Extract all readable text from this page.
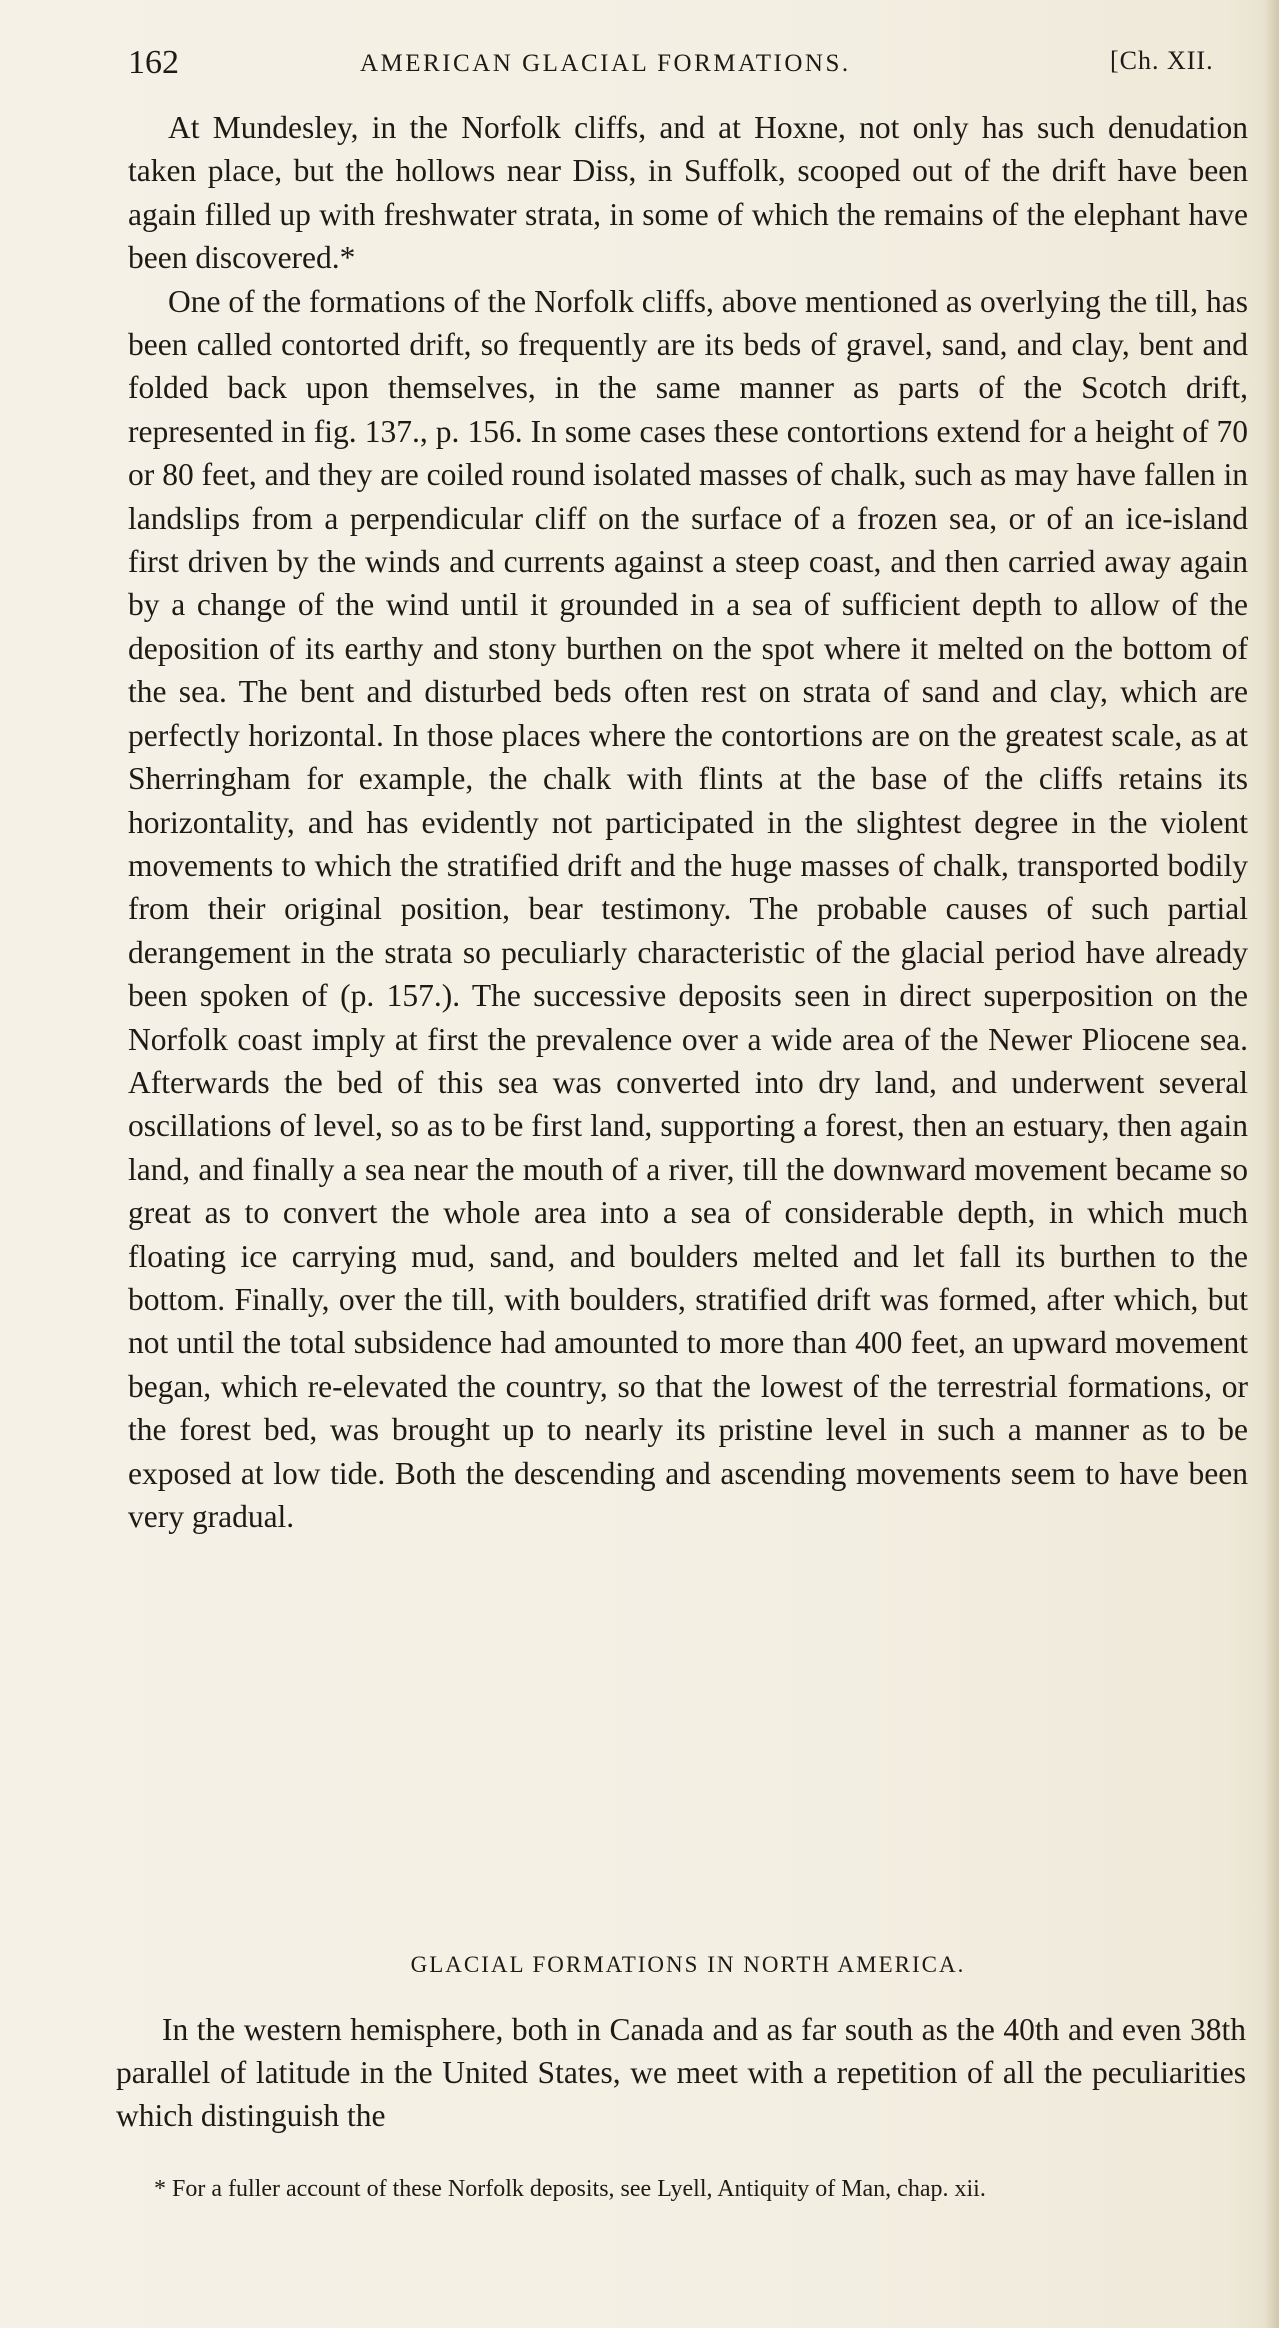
162	AMERICAN GLACIAL FORMATIONS.	[Ch. XII.

At Mundesley, in the Norfolk cliffs, and at Hoxne, not only has such denudation taken place, but the hollows near Diss, in Suffolk, scooped out of the drift have been again filled up with freshwater strata, in some of which the remains of the elephant have been discovered.*

One of the formations of the Norfolk cliffs, above mentioned as overlying the till, has been called contorted drift, so frequently are its beds of gravel, sand, and clay, bent and folded back upon themselves, in the same manner as parts of the Scotch drift, represented in fig. 137., p. 156. In some cases these contortions extend for a height of 70 or 80 feet, and they are coiled round isolated masses of chalk, such as may have fallen in landslips from a perpendicular cliff on the surface of a frozen sea, or of an ice-island first driven by the winds and currents against a steep coast, and then carried away again by a change of the wind until it grounded in a sea of sufficient depth to allow of the deposition of its earthy and stony burthen on the spot where it melted on the bottom of the sea. The bent and disturbed beds often rest on strata of sand and clay, which are perfectly horizontal. In those places where the contortions are on the greatest scale, as at Sherringham for example, the chalk with flints at the base of the cliffs retains its horizontality, and has evidently not participated in the slightest degree in the violent movements to which the stratified drift and the huge masses of chalk, transported bodily from their original position, bear testimony. The probable causes of such partial derangement in the strata so peculiarly characteristic of the glacial period have already been spoken of (p. 157.). The successive deposits seen in direct superposition on the Norfolk coast imply at first the prevalence over a wide area of the Newer Pliocene sea. Afterwards the bed of this sea was converted into dry land, and underwent several oscillations of level, so as to be first land, supporting a forest, then an estuary, then again land, and finally a sea near the mouth of a river, till the downward movement became so great as to convert the whole area into a sea of considerable depth, in which much floating ice carrying mud, sand, and boulders melted and let fall its burthen to the bottom. Finally, over the till, with boulders, stratified drift was formed, after which, but not until the total subsidence had amounted to more than 400 feet, an upward movement began, which re-elevated the country, so that the lowest of the terrestrial formations, or the forest bed, was brought up to nearly its pristine level in such a manner as to be exposed at low tide. Both the descending and ascending movements seem to have been very gradual.

GLACIAL FORMATIONS IN NORTH AMERICA.

In the western hemisphere, both in Canada and as far south as the 40th and even 38th parallel of latitude in the United States, we meet with a repetition of all the peculiarities which distinguish the

* For a fuller account of these Norfolk deposits, see Lyell, Antiquity of Man, chap. xii.
